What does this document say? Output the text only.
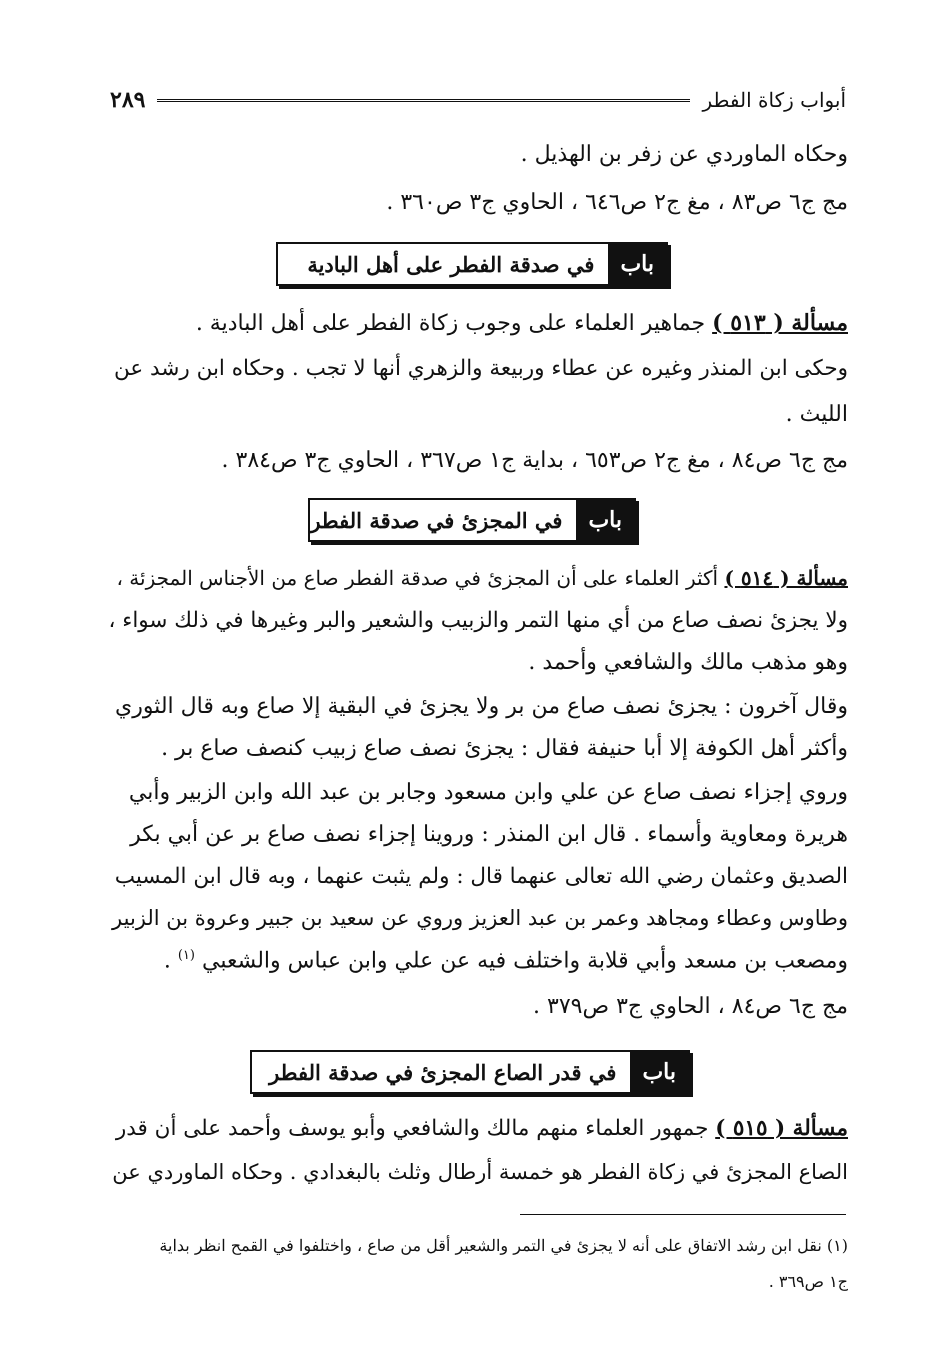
أبواب زكاة الفطر
٢٨٩
وحكاه الماوردي عن زفر بن الهذيل .
مج ج٦ ص٨٣ ، مغ ج٢ ص٦٤٦ ، الحاوي ج٣ ص٣٦٠ .
باب
في صدقة الفطر على أهل البادية
مسألة ( ٥١٣ ) جماهير العلماء على وجوب زكاة الفطر على أهل البادية .
وحكى ابن المنذر وغيره عن عطاء وربيعة والزهري أنها لا تجب . وحكاه ابن رشد عن
الليث .
مج ج٦ ص٨٤ ، مغ ج٢ ص٦٥٣ ، بداية ج١ ص٣٦٧ ، الحاوي ج٣ ص٣٨٤ .
باب
في المجزئ في صدقة الفطر
مسألة ( ٥١٤ ) أكثر العلماء على أن المجزئ في صدقة الفطر صاع من الأجناس المجزئة ،
ولا يجزئ نصف صاع من أي منها التمر والزبيب والشعير والبر وغيرها في ذلك سواء ،
وهو مذهب مالك والشافعي وأحمد .
وقال آخرون : يجزئ نصف صاع من بر ولا يجزئ في البقية إلا صاع وبه قال الثوري
وأكثر أهل الكوفة إلا أبا حنيفة فقال : يجزئ نصف صاع زبيب كنصف صاع بر .
وروي إجزاء نصف صاع عن علي وابن مسعود وجابر بن عبد الله وابن الزبير وأبي
هريرة ومعاوية وأسماء . قال ابن المنذر : وروينا إجزاء نصف صاع بر عن أبي بكر
الصديق وعثمان رضي الله تعالى عنهما قال : ولم يثبت عنهما ، وبه قال ابن المسيب
وطاوس وعطاء ومجاهد وعمر بن عبد العزيز وروي عن سعيد بن جبير وعروة بن الزبير
ومصعب بن مسعد وأبي قلابة واختلف فيه عن علي وابن عباس والشعبي $^{(١)}$ .
مج ج٦ ص٨٤ ، الحاوي ج٣ ص٣٧٩ .
باب
في قدر الصاع المجزئ في صدقة الفطر
مسألة ( ٥١٥ ) جمهور العلماء منهم مالك والشافعي وأبو يوسف وأحمد على أن قدر
الصاع المجزئ في زكاة الفطر هو خمسة أرطال وثلث بالبغدادي . وحكاه الماوردي عن
(١) نقل ابن رشد الاتفاق على أنه لا يجزئ في التمر والشعير أقل من صاع ، واختلفوا في القمح انظر بداية
ج١ ص٣٦٩ .
